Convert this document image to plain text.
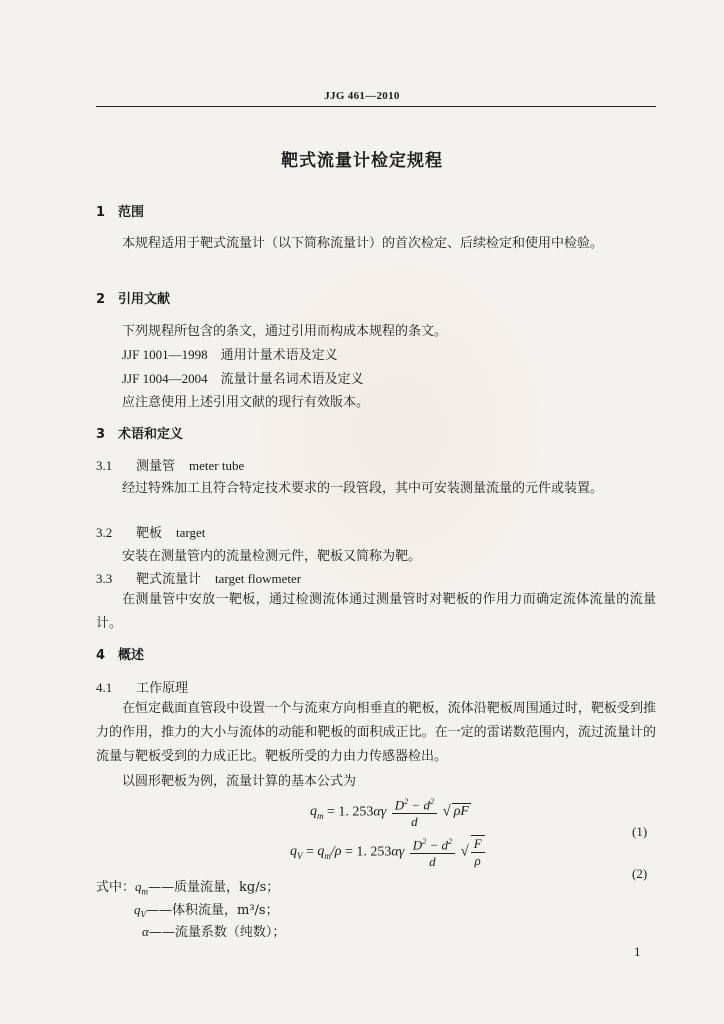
JJG 461—2010
靶式流量计检定规程
1 范围
本规程适用于靶式流量计（以下简称流量计）的首次检定、后续检定和使用中检验。
2 引用文献
下列规程所包含的条文，通过引用而构成本规程的条文。
JJF 1001—1998　通用计量术语及定义
JJF 1004—2004　流量计量名词术语及定义
应注意使用上述引用文献的现行有效版本。
3 术语和定义
3.1 测量管 meter tube
经过特殊加工且符合特定技术要求的一段管段，其中可安装测量流量的元件或装置。
3.2 靶板 target
安装在测量管内的流量检测元件，靶板又简称为靶。
3.3 靶式流量计 target flowmeter
在测量管中安放一靶板，通过检测流体通过测量管时对靶板的作用力而确定流体流量的流量计。
4 概述
4.1 工作原理
在恒定截面直管段中设置一个与流束方向相垂直的靶板，流体沿靶板周围通过时，靶板受到推力的作用，推力的大小与流体的动能和靶板的面积成正比。在一定的雷诺数范围内，流过流量计的流量与靶板受到的力成正比。靶板所受的力由力传感器检出。
以圆形靶板为例，流量计算的基本公式为
$q_m = 1$. $253\alpha\gamma \frac{D^2 - d^2}{d}$ √ ρF
(1)
$q_V = q_m/\rho = 1$. $253\alpha\gamma \frac{D^2 - d^2}{d}$ √ $\frac{F}{\rho}$
(2)
式中：$q_m——$质量流量，kg/s；
$q_V——$体积流量，m³/s；
α——流量系数（纯数）；
1
